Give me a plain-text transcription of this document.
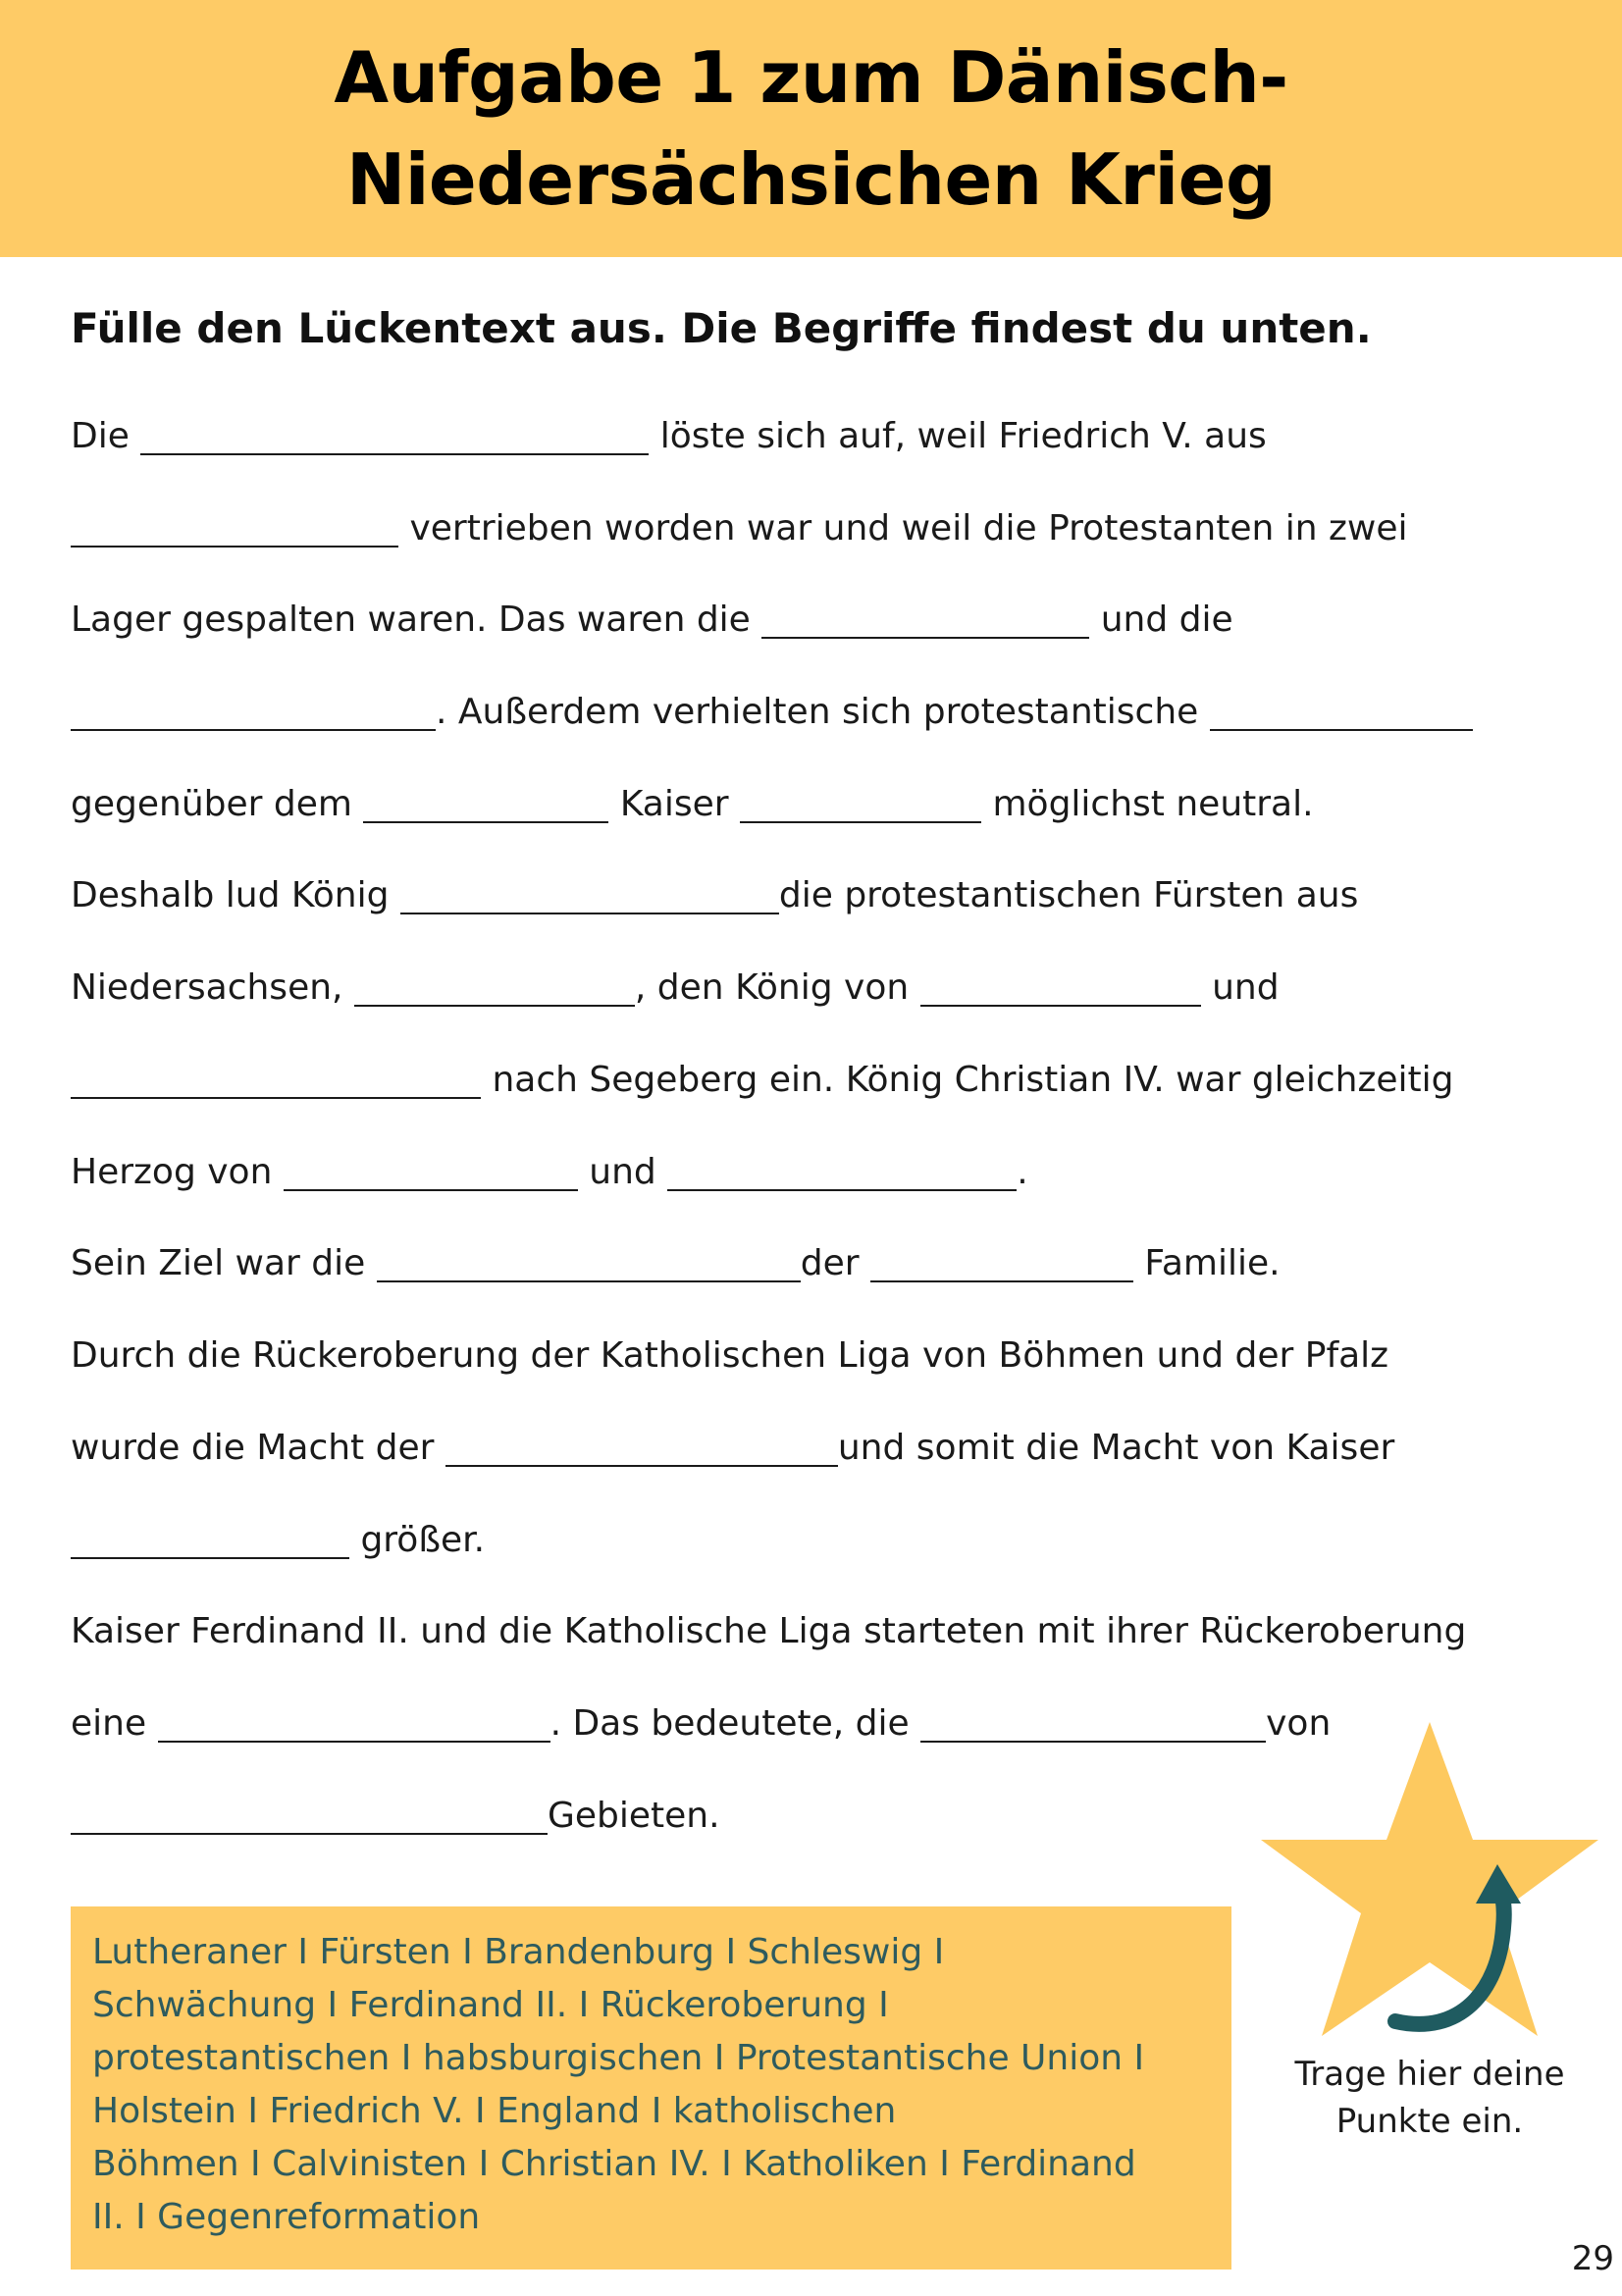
Aufgabe 1 zum Dänisch-
Niedersächsichen Krieg
Fülle den Lückentext aus. Die Begriffe findest du unten.
Die	löste sich auf, weil Friedrich V. aus
vertrieben worden war und weil die Protestanten in zwei
Lager gespalten waren. Das waren die	und die
. Außerdem verhielten sich protestantische
gegenüber dem	Kaiser	möglichst neutral.
Deshalb lud König	die protestantischen Fürsten aus
Niedersachsen,	, den König von	und
nach Segeberg ein. König Christian IV. war gleichzeitig
Herzog von	und	.
Sein Ziel war die	der	Familie.
Durch die Rückeroberung der Katholischen Liga von Böhmen und der Pfalz
wurde die Macht der	und somit die Macht von Kaiser
größer.
Kaiser Ferdinand II. und die Katholische Liga starteten mit ihrer Rückeroberung
eine	. Das bedeutete, die	von
Gebieten.
Lutheraner I Fürsten I Brandenburg I Schleswig I
Schwächung I Ferdinand II. I Rückeroberung I
protestantischen I habsburgischen I Protestantische Union I
Holstein I Friedrich V. I England I katholischen
Böhmen I Calvinisten I Christian IV. I Katholiken I Ferdinand
II. I Gegenreformation
Trage hier deine
Punkte ein.
29
